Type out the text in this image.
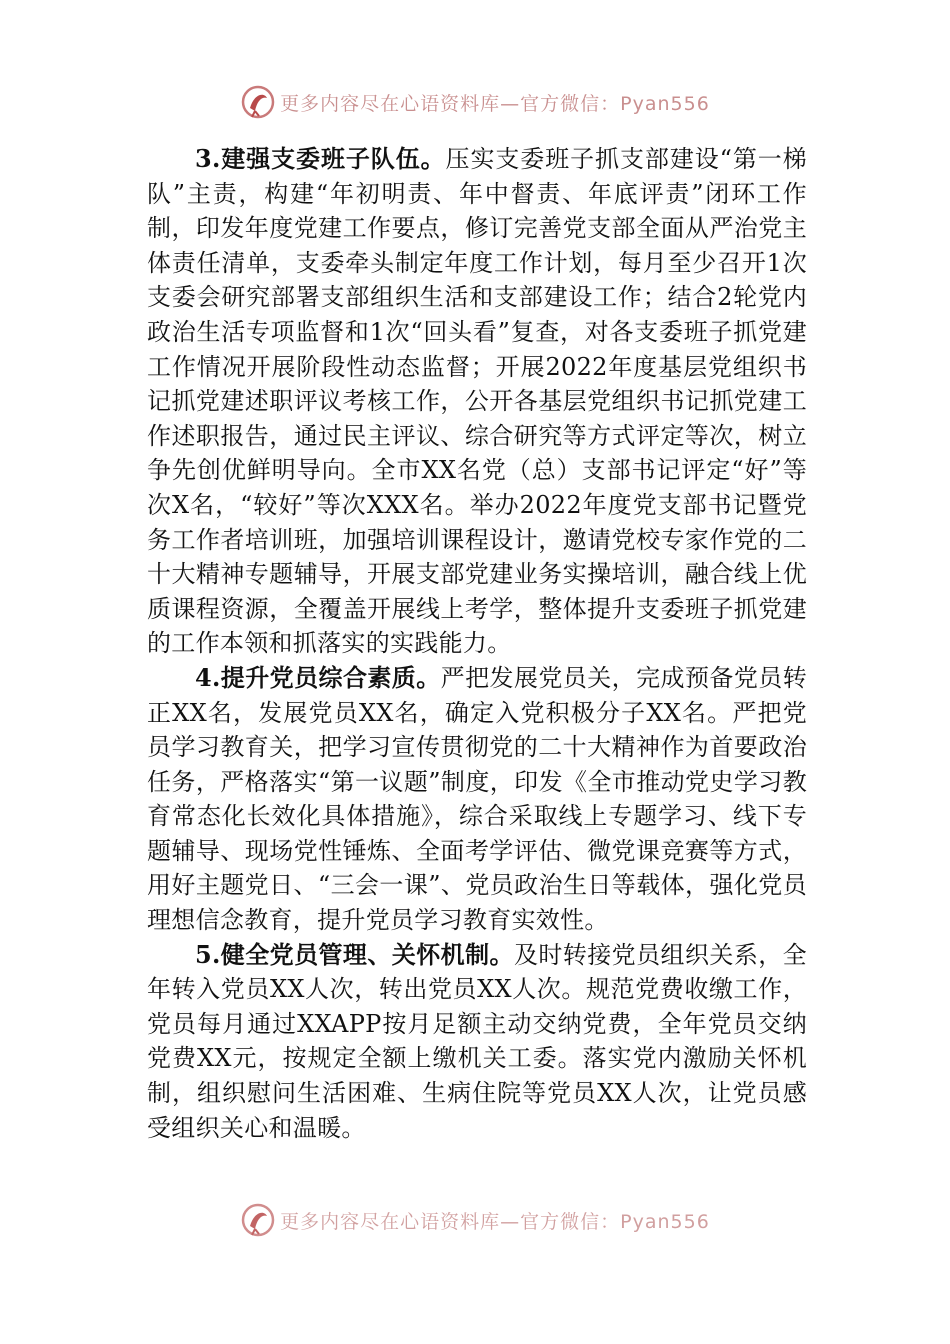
更多内容尽在心语资料库—官方微信：Pyan556

3.建强支委班子队伍。压实支委班子抓支部建设“第一梯队”主责，构建“年初明责、年中督责、年底评责”闭环工作制，印发年度党建工作要点，修订完善党支部全面从严治党主体责任清单，支委牵头制定年度工作计划，每月至少召开1次支委会研究部署支部组织生活和支部建设工作；结合2轮党内政治生活专项监督和1次“回头看”复查，对各支委班子抓党建工作情况开展阶段性动态监督；开展2022年度基层党组织书记抓党建述职评议考核工作，公开各基层党组织书记抓党建工作述职报告，通过民主评议、综合研究等方式评定等次，树立争先创优鲜明导向。全市XX名党（总）支部书记评定“好”等次X名，“较好”等次XXX名。举办2022年度党支部书记暨党务工作者培训班，加强培训课程设计，邀请党校专家作党的二十大精神专题辅导，开展支部党建业务实操培训，融合线上优质课程资源，全覆盖开展线上考学，整体提升支委班子抓党建的工作本领和抓落实的实践能力。

4.提升党员综合素质。严把发展党员关，完成预备党员转正XX名，发展党员XX名，确定入党积极分子XX名。严把党员学习教育关，把学习宣传贯彻党的二十大精神作为首要政治任务，严格落实“第一议题”制度，印发《全市推动党史学习教育常态化长效化具体措施》，综合采取线上专题学习、线下专题辅导、现场党性锤炼、全面考学评估、微党课竞赛等方式，用好主题党日、“三会一课”、党员政治生日等载体，强化党员理想信念教育，提升党员学习教育实效性。

5.健全党员管理、关怀机制。及时转接党员组织关系，全年转入党员XX人次，转出党员XX人次。规范党费收缴工作，党员每月通过XXAPP按月足额主动交纳党费，全年党员交纳党费XX元，按规定全额上缴机关工委。落实党内激励关怀机制，组织慰问生活困难、生病住院等党员XX人次，让党员感受组织关心和温暖。

更多内容尽在心语资料库—官方微信：Pyan556
